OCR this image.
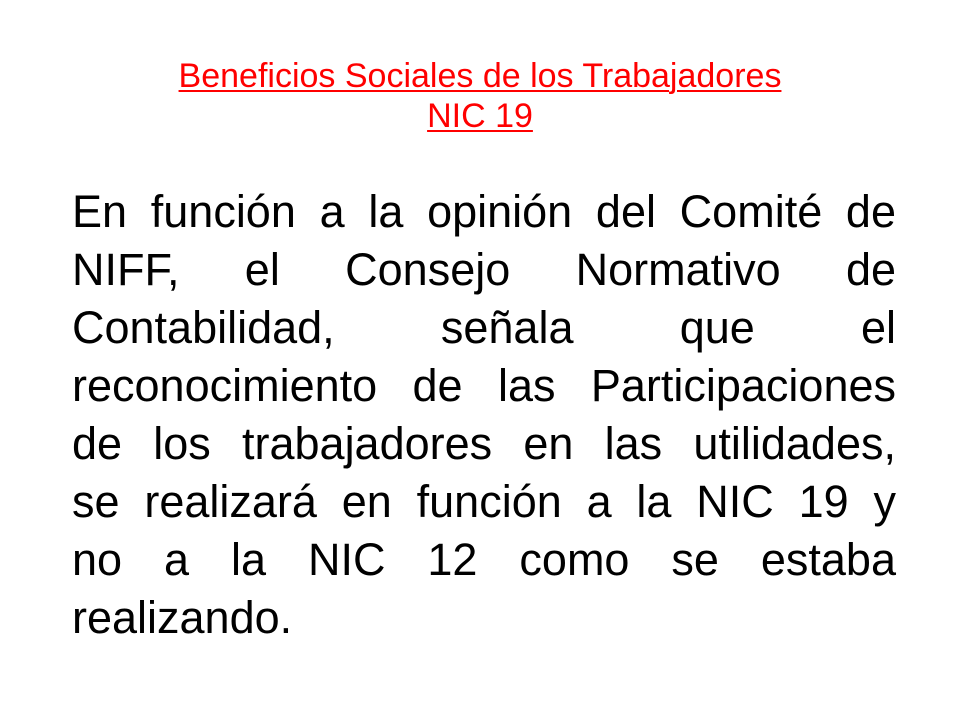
Beneficios Sociales de los Trabajadores
NIC 19
En función a la opinión del Comité de
NIFF, el Consejo Normativo de
Contabilidad, señala que el
reconocimiento de las Participaciones
de los trabajadores en las utilidades,
se realizará en función a la NIC 19 y
no a la NIC 12 como se estaba
realizando.
